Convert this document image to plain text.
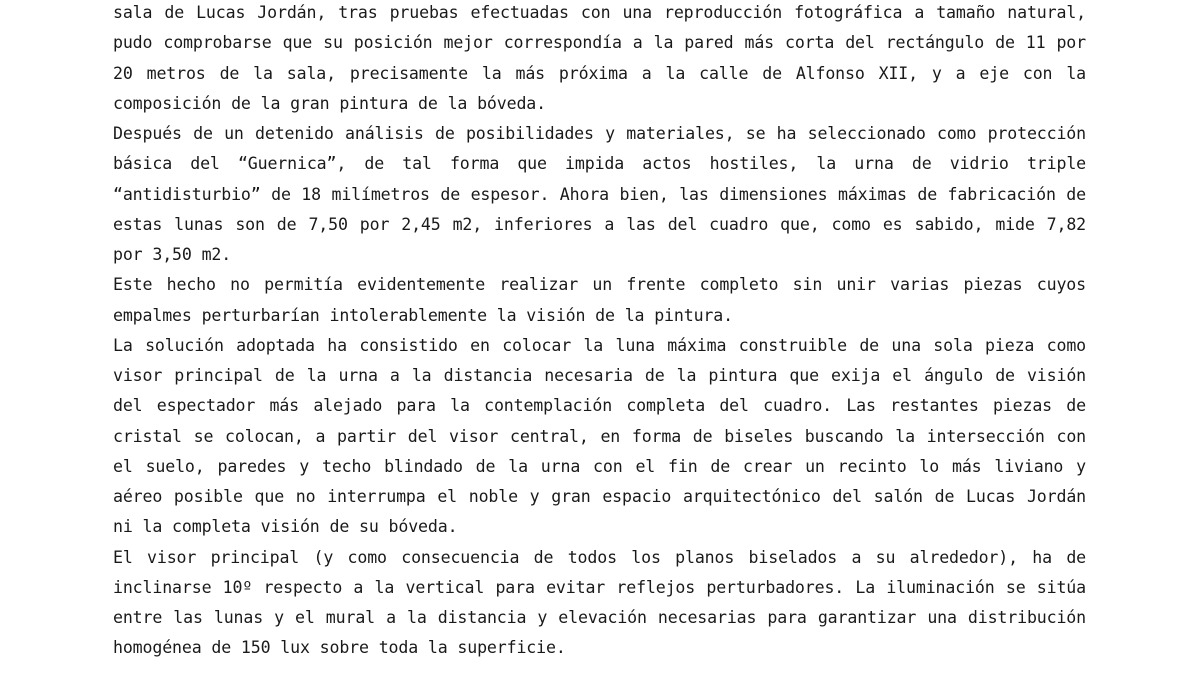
sala de Lucas Jordán, tras pruebas efectuadas con una reproducción fotográfica a tamaño natural, pudo comprobarse que su posición mejor correspondía a la pared más corta del rectángulo de 11 por 20 metros de la sala, precisamente la más próxima a la calle de Alfonso XII, y a eje con la composición de la gran pintura de la bóveda.

Después de un detenido análisis de posibilidades y materiales, se ha seleccionado como protección básica del “Guernica”, de tal forma que impida actos hostiles, la urna de vidrio triple “antidisturbio” de 18 milímetros de espesor. Ahora bien, las dimensiones máximas de fabricación de estas lunas son de 7,50 por 2,45 m2, inferiores a las del cuadro que, como es sabido, mide 7,82 por 3,50 m2.

Este hecho no permitía evidentemente realizar un frente completo sin unir varias piezas cuyos empalmes perturbarían intolerablemente la visión de la pintura.

La solución adoptada ha consistido en colocar la luna máxima construible de una sola pieza como visor principal de la urna a la distancia necesaria de la pintura que exija el ángulo de visión del espectador más alejado para la contemplación completa del cuadro. Las restantes piezas de cristal se colocan, a partir del visor central, en forma de biseles buscando la intersección con el suelo, paredes y techo blindado de la urna con el fin de crear un recinto lo más liviano y aéreo posible que no interrumpa el noble y gran espacio arquitectónico del salón de Lucas Jordán ni la completa visión de su bóveda.

El visor principal (y como consecuencia de todos los planos biselados a su alrededor), ha de inclinarse 10º respecto a la vertical para evitar reflejos perturbadores. La iluminación se sitúa entre las lunas y el mural a la distancia y elevación necesarias para garantizar una distribución homogénea de 150 lux sobre toda la superficie.
